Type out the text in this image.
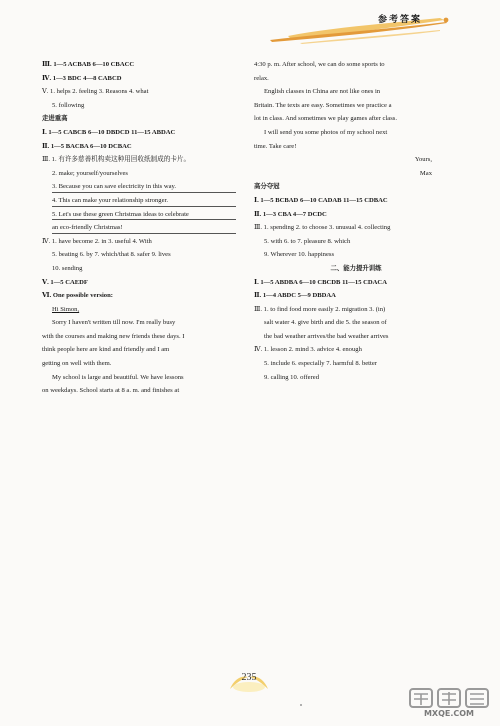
参考答案
Ⅲ. 1—5 ACBAB 6—10 CBACC
Ⅳ. 1—3 BDC 4—8 CABCD
Ⅴ. 1. helps 2. feeling 3. Reasons 4. what
5. following
走进重高
Ⅰ. 1—5 CABCB 6—10 DBDCD 11—15 ABDAC
Ⅱ. 1—5 BACBA 6—10 DCBAC
Ⅲ. 1. 有许多慈善机构卖这种用回收纸制成的卡片。
2. make; yourself/yourselves
3. Because you can save electricity in this way.
4. This can make your relationship stronger.
5. Let's use these green Christmas ideas to celebrate
an eco-friendly Christmas!
Ⅳ. 1. have become 2. in 3. useful 4. With
5. beating 6. by 7. which/that 8. safer 9. lives
10. sending
Ⅴ. 1—5 CAEDF
Ⅵ. One possible version:
Hi Simon,
Sorry I haven't written till now. I'm really busy
with the courses and making new friends these days. I
think people here are kind and friendly and I am
getting on well with them.
My school is large and beautiful. We have lessons
on weekdays. School starts at 8 a. m. and finishes at
4:30 p. m. After school, we can do some sports to
relax.
English classes in China are not like ones in
Britain. The texts are easy. Sometimes we practice a
lot in class. And sometimes we play games after class.
I will send you some photos of my school next
time. Take care!
Yours,
Max
高分夺冠
Ⅰ. 1—5 BCBAD 6—10 CADAB 11—15 CDBAC
Ⅱ. 1—3 CBA 4—7 DCDC
Ⅲ. 1. spending 2. to choose 3. unusual 4. collecting
5. with 6. to 7. pleasure 8. which
9. Wherever 10. happiness
二、能力提升训练
Ⅰ. 1—5 ABDBA 6—10 CBCDB 11—15 CDACA
Ⅱ. 1—4 ABDC 5—9 DBDAA
Ⅲ. 1. to find food more easily 2. migration 3. (in)
salt water 4. give birth and die 5. the season of
the bad weather arrives/the bad weather arrives
Ⅳ. 1. lesson 2. mind 3. advice 4. enough
5. include 6. especially 7. harmful 8. better
9. calling 10. offered
235
MXQE.COM
